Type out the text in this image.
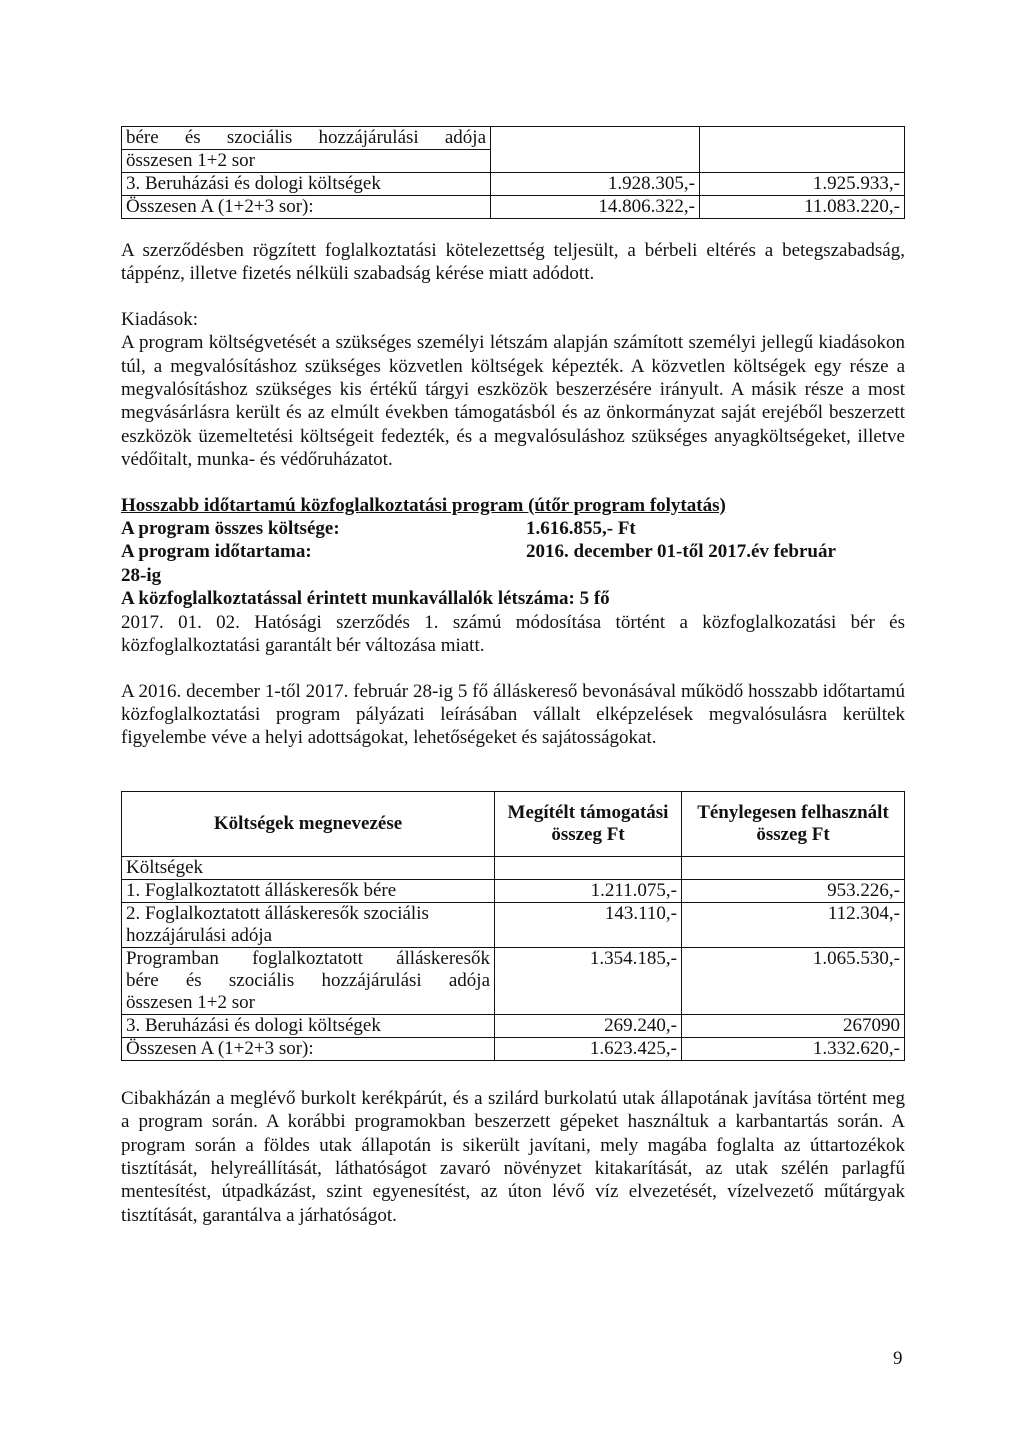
bére és szociális hozzájárulási adója		
összesen 1+2 sor		
3. Beruházási és dologi költségek	1.928.305,-	1.925.933,-
Összesen A (1+2+3 sor):	14.806.322,-	11.083.220,-

A szerződésben rögzített foglalkoztatási kötelezettség teljesült, a bérbeli eltérés a betegszabadság, táppénz, illetve fizetés nélküli szabadság kérése miatt adódott.

Kiadások:

A program költségvetését a szükséges személyi létszám alapján számított személyi jellegű kiadásokon túl, a megvalósításhoz szükséges közvetlen költségek képezték. A közvetlen költségek egy része a megvalósításhoz szükséges kis értékű tárgyi eszközök beszerzésére irányult. A másik része a most megvásárlásra került és az elmúlt években támogatásból és az önkormányzat saját erejéből beszerzett eszközök üzemeltetési költségeit fedezték, és a megvalósuláshoz szükséges anyagköltségeket, illetve védőitalt, munka- és védőruházatot.

Hosszabb időtartamú közfoglalkoztatási program (útőr program folytatás)

A program összes költsége:	1.616.855,- Ft
A program időtartama:	2016. december 01-től 2017.év február

28-ig

A közfoglalkoztatással érintett munkavállalók létszáma: 5 fő

2017. 01. 02. Hatósági szerződés 1. számú módosítása történt a közfoglalkozatási bér és közfoglalkoztatási garantált bér változása miatt.

A 2016. december 1-től 2017. február 28-ig 5 fő álláskereső bevonásával működő hosszabb időtartamú közfoglalkoztatási program pályázati leírásában vállalt elképzelések megvalósulásra kerültek figyelembe véve a helyi adottságokat, lehetőségeket és sajátosságokat.

Költségek megnevezése	Megítélt támogatási összeg Ft	Ténylegesen felhasznált összeg Ft
Költségek		
1. Foglalkoztatott álláskeresők bére	1.211.075,-	953.226,-

2. Foglalkoztatott álláskeresők szociális
hozzájárulási adója	143.110,-	112.304,-

Programban foglalkoztatott álláskeresők
bére és szociális hozzájárulási adója
összesen 1+2 sor	1.354.185,-	1.065.530,-
3. Beruházási és dologi költségek	269.240,-	267090
Összesen A (1+2+3 sor):	1.623.425,-	1.332.620,-

Cibakházán a meglévő burkolt kerékpárút, és a szilárd burkolatú utak állapotának javítása történt meg a program során. A korábbi programokban beszerzett gépeket használtuk a karbantartás során. A program során a földes utak állapotán is sikerült javítani, mely magába foglalta az úttartozékok tisztítását, helyreállítását, láthatóságot zavaró növényzet kitakarítását, az utak szélén parlagfű mentesítést, útpadkázást, szint egyenesítést, az úton lévő víz elvezetését, vízelvezető műtárgyak tisztítását, garantálva a járhatóságot.

9
